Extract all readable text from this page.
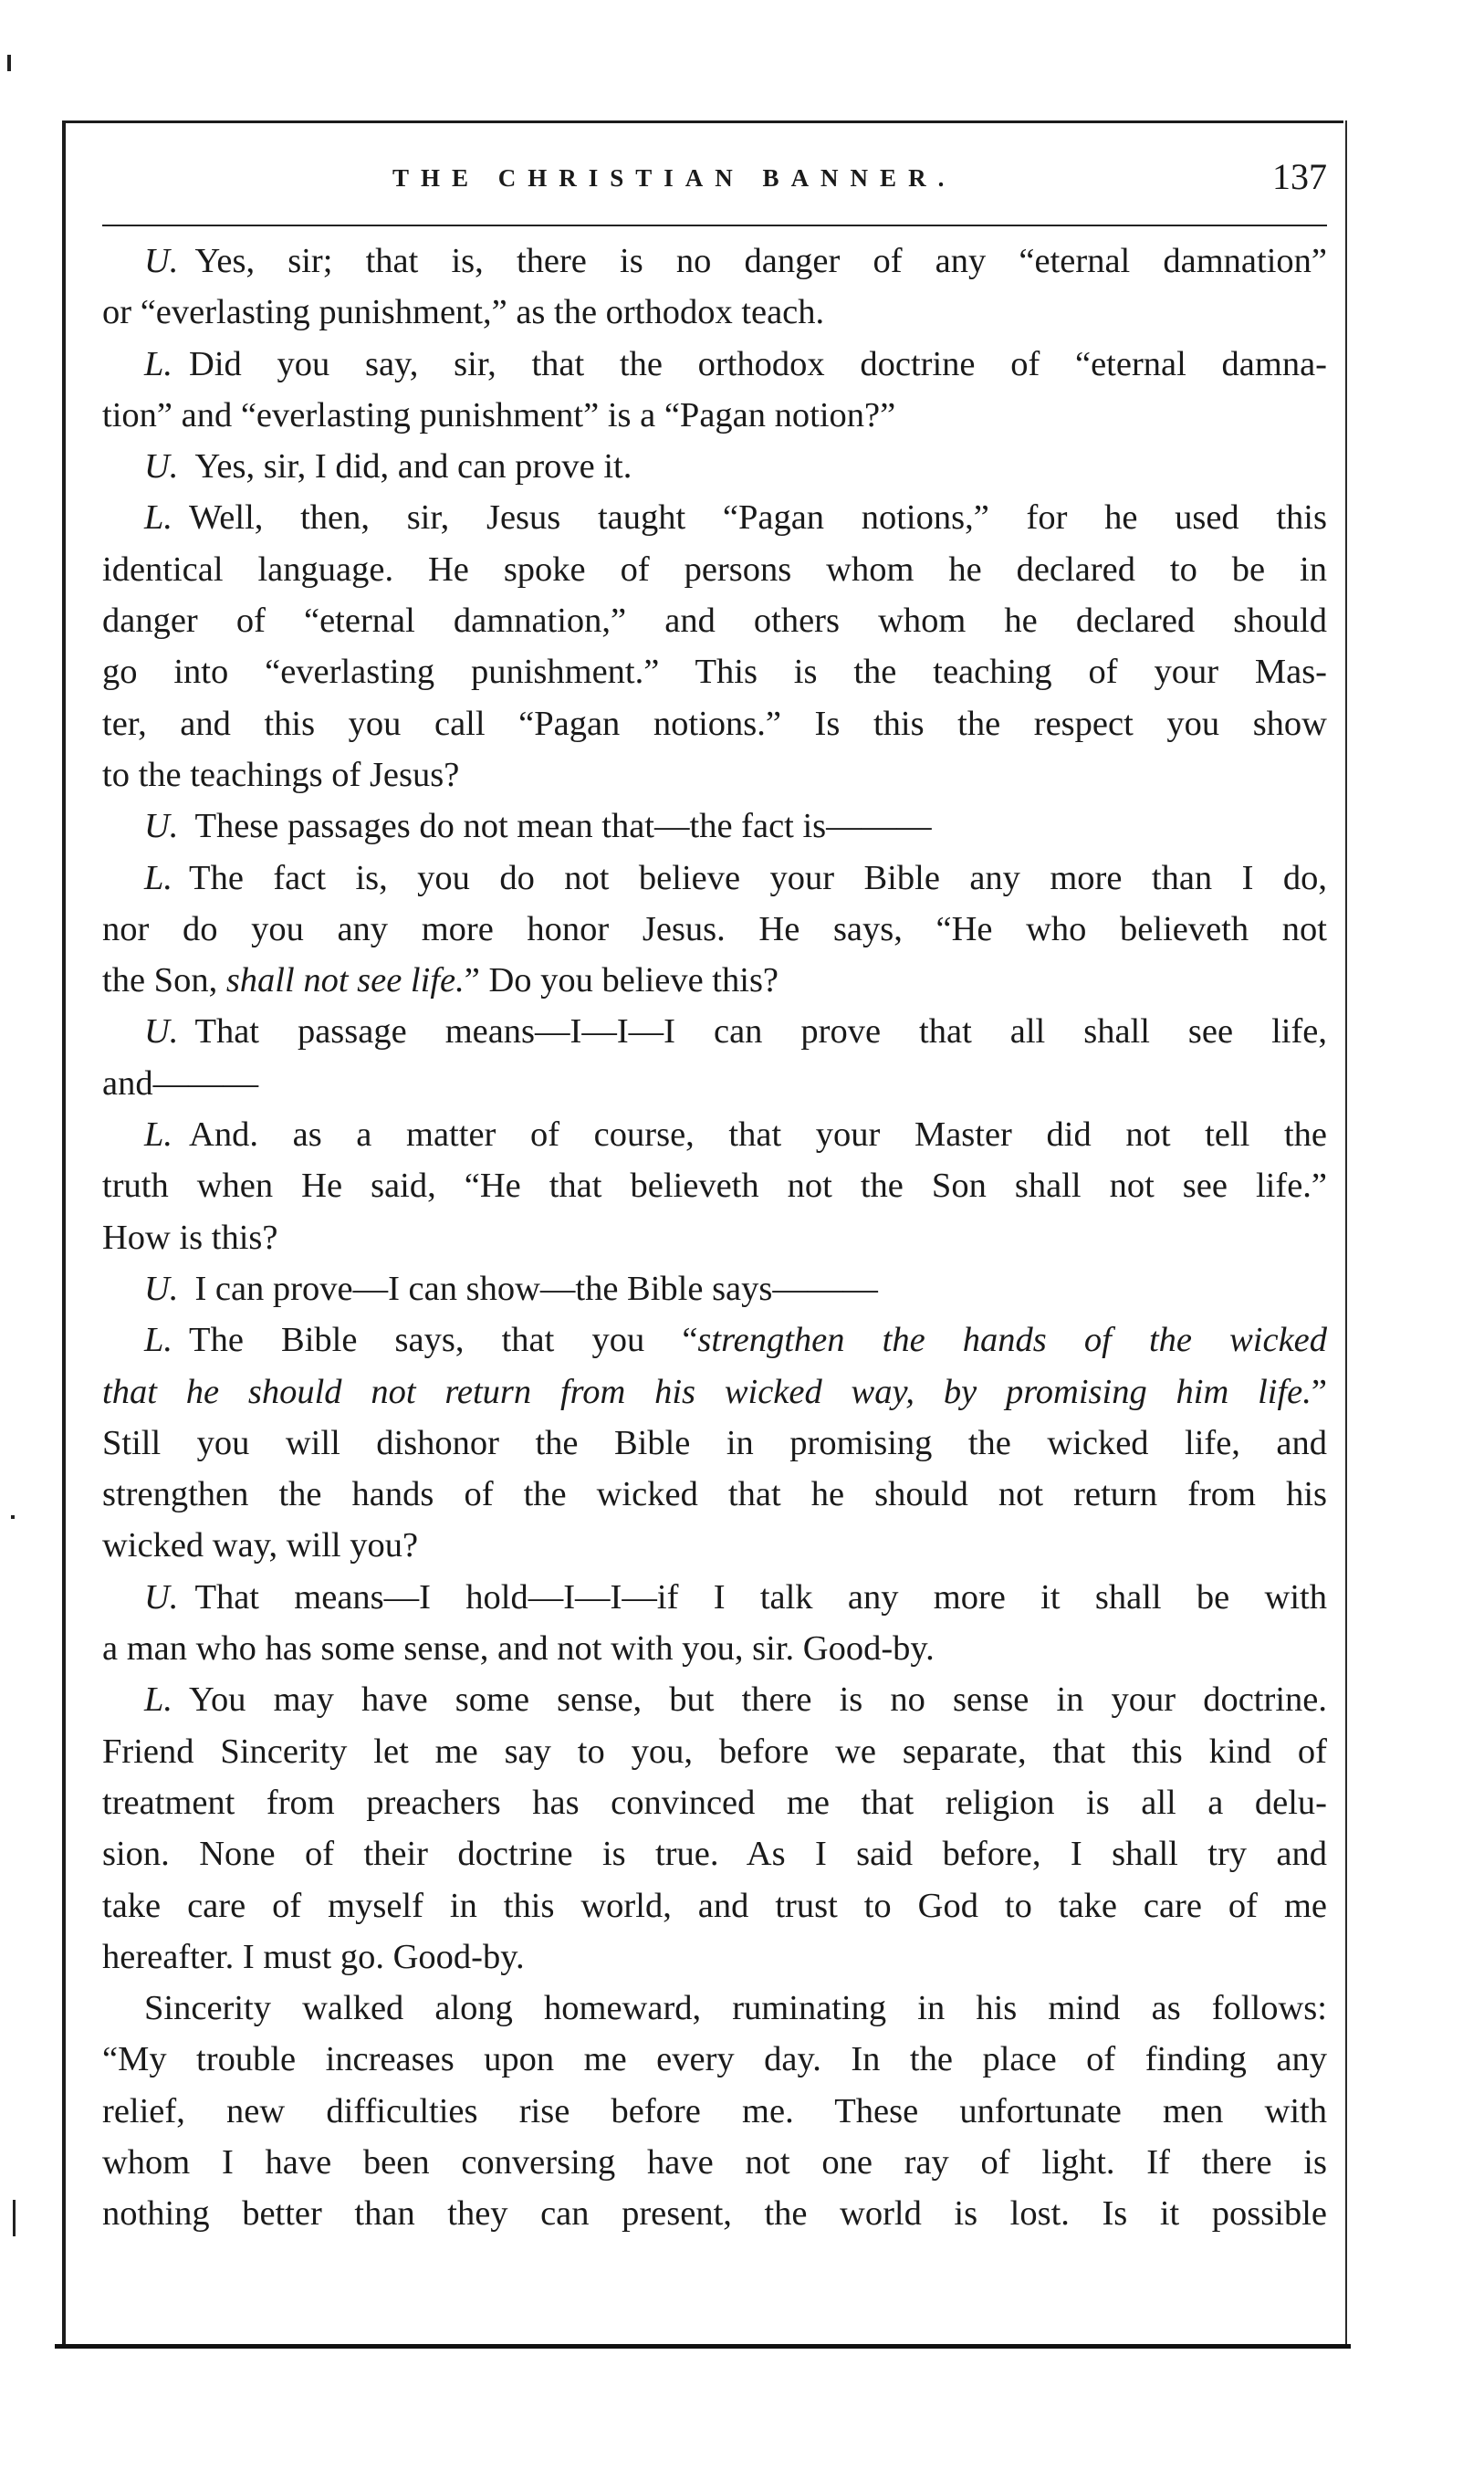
THE CHRISTIAN BANNER.	137
U. Yes, sir; that is, there is no danger of any “eternal damnation”
or “everlasting punishment,” as the orthodox teach.
L. Did you say, sir, that the orthodox doctrine of “eternal damna-
tion” and “everlasting punishment” is a “Pagan notion?”
U. Yes, sir, I did, and can prove it.
L. Well, then, sir, Jesus taught “Pagan notions,” for he used this
identical language. He spoke of persons whom he declared to be in
danger of “eternal damnation,” and others whom he declared should
go into “everlasting punishment.” This is the teaching of your Mas-
ter, and this you call “Pagan notions.” Is this the respect you show
to the teachings of Jesus?
U. These passages do not mean that—the fact is———
L. The fact is, you do not believe your Bible any more than I do,
nor do you any more honor Jesus. He says, “He who believeth not
the Son, shall not see life.” Do you believe this?
U. That passage means—I—I—I can prove that all shall see life,
and———
L. And. as a matter of course, that your Master did not tell the
truth when He said, “He that believeth not the Son shall not see life.”
How is this?
U. I can prove—I can show—the Bible says———
L. The Bible says, that you “strengthen the hands of the wicked
that he should not return from his wicked way, by promising him life.”
Still you will dishonor the Bible in promising the wicked life, and
strengthen the hands of the wicked that he should not return from his
wicked way, will you?
U. That means—I hold—I—I—if I talk any more it shall be with
a man who has some sense, and not with you, sir. Good-by.
L. You may have some sense, but there is no sense in your doctrine.
Friend Sincerity let me say to you, before we separate, that this kind of
treatment from preachers has convinced me that religion is all a delu-
sion. None of their doctrine is true. As I said before, I shall try and
take care of myself in this world, and trust to God to take care of me
hereafter. I must go. Good-by.
Sincerity walked along homeward, ruminating in his mind as follows:
“My trouble increases upon me every day. In the place of finding any
relief, new difficulties rise before me. These unfortunate men with
whom I have been conversing have not one ray of light. If there is
nothing better than they can present, the world is lost. Is it possible
